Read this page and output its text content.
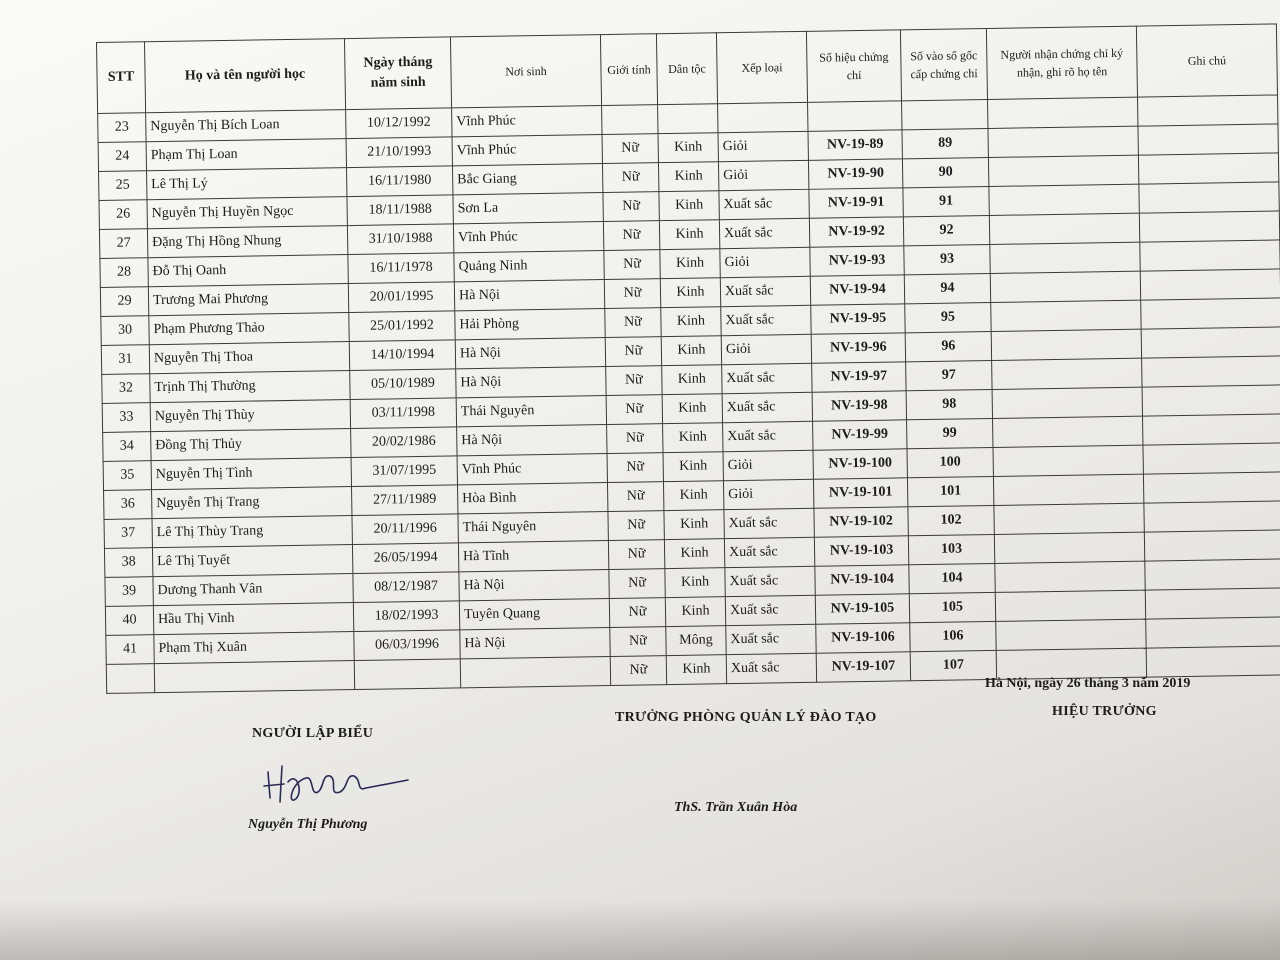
STT	Họ và tên người học	Ngày tháng năm sinh	Nơi sinh	Giới tính	Dân tộc	Xếp loại	Số hiệu chứng chỉ	Số vào sổ gốc cấp chứng chỉ	Người nhận chứng chỉ ký nhận, ghi rõ họ tên	Ghi chú
23	Nguyễn Thị Bích Loan	10/12/1992	Vĩnh Phúc							
24	Phạm Thị Loan	21/10/1993	Vĩnh Phúc	Nữ	Kinh	Giỏi	NV-19-89	89		
25	Lê Thị Lý	16/11/1980	Bắc Giang	Nữ	Kinh	Giỏi	NV-19-90	90		
26	Nguyễn Thị Huyền Ngọc	18/11/1988	Sơn La	Nữ	Kinh	Xuất sắc	NV-19-91	91		
27	Đặng Thị Hồng Nhung	31/10/1988	Vĩnh Phúc	Nữ	Kinh	Xuất sắc	NV-19-92	92		
28	Đỗ Thị Oanh	16/11/1978	Quảng Ninh	Nữ	Kinh	Giỏi	NV-19-93	93		
29	Trương Mai Phương	20/01/1995	Hà Nội	Nữ	Kinh	Xuất sắc	NV-19-94	94		
30	Phạm Phương Thảo	25/01/1992	Hải Phòng	Nữ	Kinh	Xuất sắc	NV-19-95	95		
31	Nguyễn Thị Thoa	14/10/1994	Hà Nội	Nữ	Kinh	Giỏi	NV-19-96	96		
32	Trịnh Thị Thường	05/10/1989	Hà Nội	Nữ	Kinh	Xuất sắc	NV-19-97	97		
33	Nguyễn Thị Thùy	03/11/1998	Thái Nguyên	Nữ	Kinh	Xuất sắc	NV-19-98	98		
34	Đồng Thị Thủy	20/02/1986	Hà Nội	Nữ	Kinh	Xuất sắc	NV-19-99	99		
35	Nguyễn Thị Tình	31/07/1995	Vĩnh Phúc	Nữ	Kinh	Giỏi	NV-19-100	100		
36	Nguyễn Thị Trang	27/11/1989	Hòa Bình	Nữ	Kinh	Giỏi	NV-19-101	101		
37	Lê Thị Thùy Trang	20/11/1996	Thái Nguyên	Nữ	Kinh	Xuất sắc	NV-19-102	102		
38	Lê Thị Tuyết	26/05/1994	Hà Tĩnh	Nữ	Kinh	Xuất sắc	NV-19-103	103		
39	Dương Thanh Vân	08/12/1987	Hà Nội	Nữ	Kinh	Xuất sắc	NV-19-104	104		
40	Hầu Thị Vinh	18/02/1993	Tuyên Quang	Nữ	Kinh	Xuất sắc	NV-19-105	105		
41	Phạm Thị Xuân	06/03/1996	Hà Nội	Nữ	Mông	Xuất sắc	NV-19-106	106		
				Nữ	Kinh	Xuất sắc	NV-19-107	107		
Hà Nội, ngày 26 tháng 3 năm 2019
NGƯỜI LẬP BIỂU
TRƯỞNG PHÒNG QUẢN LÝ ĐÀO TẠO	HIỆU TRƯỞNG
Nguyễn Thị Phương
ThS. Trần Xuân Hòa
